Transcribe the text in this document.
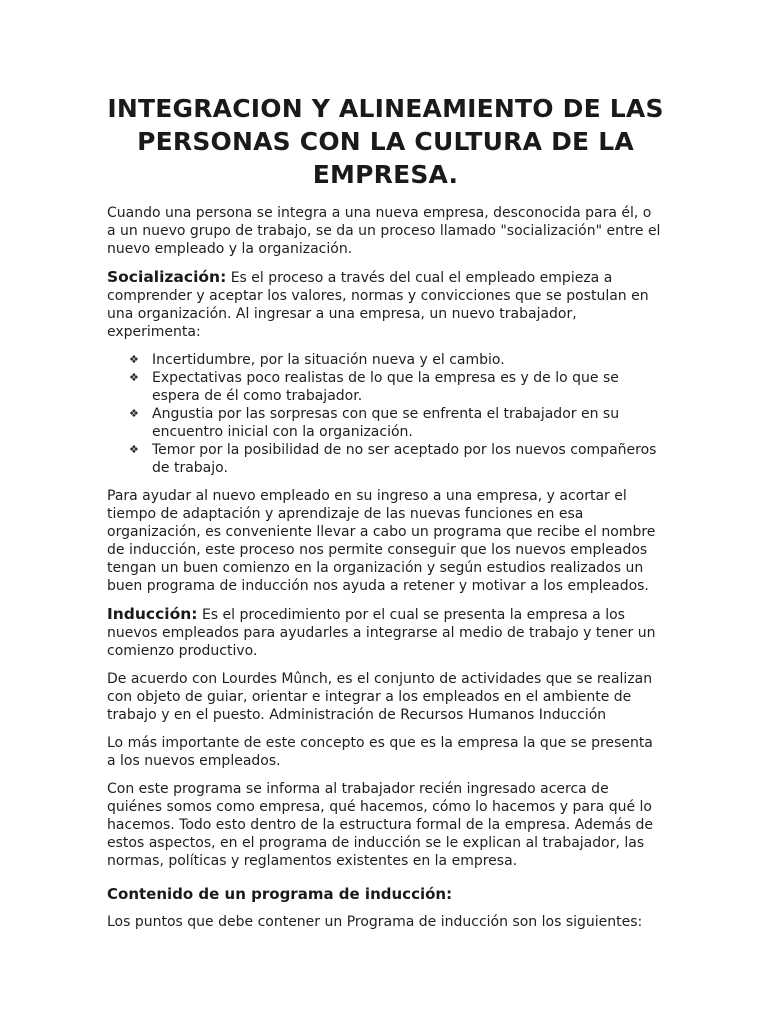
INTEGRACION Y ALINEAMIENTO DE LAS PERSONAS CON LA CULTURA DE LA EMPRESA.

Cuando una persona se integra a una nueva empresa, desconocida para él, o a un nuevo grupo de trabajo, se da un proceso llamado "socialización" entre el nuevo empleado y la organización.

Socialización: Es el proceso a través del cual el empleado empieza a comprender y aceptar los valores, normas y convicciones que se postulan en una organización. Al ingresar a una empresa, un nuevo trabajador, experimenta:

❖ Incertidumbre, por la situación nueva y el cambio.
❖ Expectativas poco realistas de lo que la empresa es y de lo que se espera de él como trabajador.
❖ Angustia por las sorpresas con que se enfrenta el trabajador en su encuentro inicial con la organización.
❖ Temor por la posibilidad de no ser aceptado por los nuevos compañeros de trabajo.

Para ayudar al nuevo empleado en su ingreso a una empresa, y acortar el tiempo de adaptación y aprendizaje de las nuevas funciones en esa organización, es conveniente llevar a cabo un programa que recibe el nombre de inducción, este proceso nos permite conseguir que los nuevos empleados tengan un buen comienzo en la organización y según estudios realizados un buen programa de inducción nos ayuda a retener y motivar a los empleados.

Inducción: Es el procedimiento por el cual se presenta la empresa a los nuevos empleados para ayudarles a integrarse al medio de trabajo y tener un comienzo productivo.

De acuerdo con Lourdes Mûnch, es el conjunto de actividades que se realizan con objeto de guiar, orientar e integrar a los empleados en el ambiente de trabajo y en el puesto. Administración de Recursos Humanos Inducción

Lo más importante de este concepto es que es la empresa la que se presenta a los nuevos empleados.

Con este programa se informa al trabajador recién ingresado acerca de quiénes somos como empresa, qué hacemos, cómo lo hacemos y para qué lo hacemos. Todo esto dentro de la estructura formal de la empresa. Además de estos aspectos, en el programa de inducción se le explican al trabajador, las normas, políticas y reglamentos existentes en la empresa.

Contenido de un programa de inducción:

Los puntos que debe contener un Programa de inducción son los siguientes:
